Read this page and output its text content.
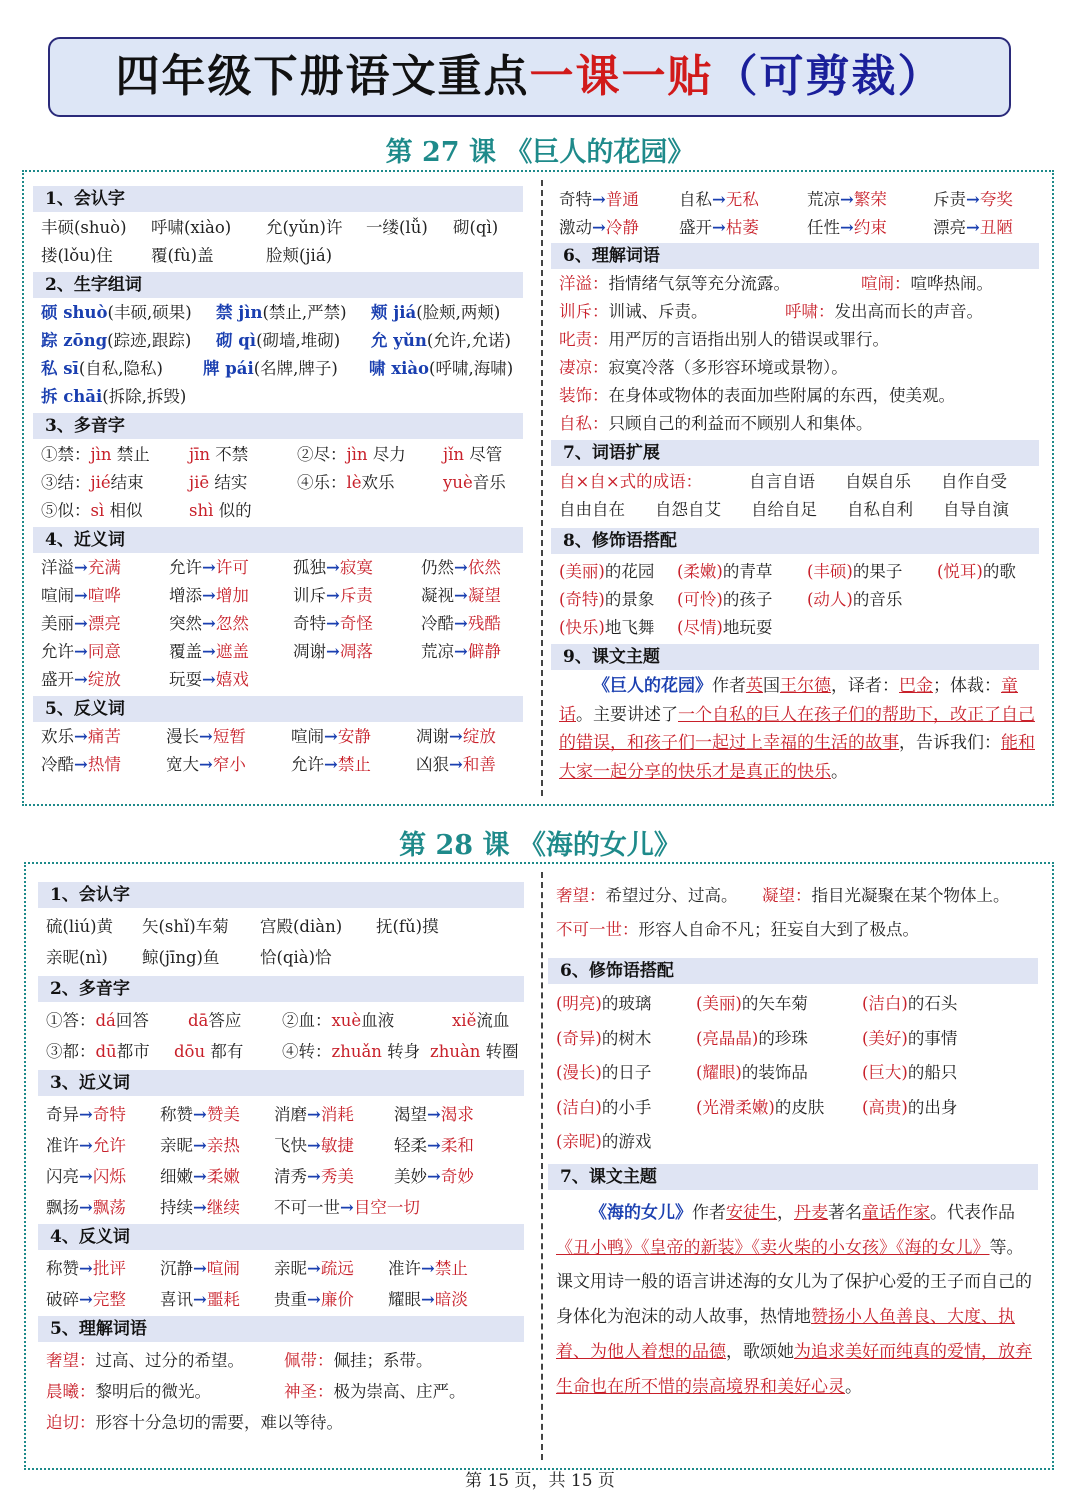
四年级下册语文重点一课一贴（可剪裁）
第 27 课 《巨人的花园》
1、会认字
丰硕(shuò) 呼啸(xiào) 允(yǔn)许 一缕(lǚ) 砌(qì)
搂(lǒu)住 覆(fù)盖	脸颊(jiá)
2、生字组词
硕 shuò(丰硕,硕果) 禁 jìn(禁止,严禁) 颊 jiá(脸颊,两颊)
踪 zōng(踪迹,跟踪) 砌 qì(砌墙,堆砌) 允 yǔn(允许,允诺)
私 sī(自私,隐私) 牌 pái(名牌,牌子) 啸 xiào(呼啸,海啸)
拆 chāi(拆除,拆毁)
3、多音字
①禁：jìn 禁止 jīn 不禁	②尽：jìn 尽力 jǐn 尽管
③结：jié结束	jiē 结实	④乐：lè欢乐	yuè音乐
⑤似：sì 相似	shì 似的
4、近义词
5、反义词
洋溢→充满	允许→许可	孤独→寂寞	仍然→依然
喧闹→喧哗	增添→增加	训斥→斥责	凝视→凝望
美丽→漂亮	突然→忽然	奇特→奇怪	冷酷→残酷
允许→同意	覆盖→遮盖	凋谢→凋落	荒凉→僻静
盛开→绽放	玩耍→嬉戏
欢乐→痛苦	漫长→短暂	喧闹→安静	凋谢→绽放
冷酷→热情	宽大→窄小	允许→禁止	凶狠→和善
6、理解词语
洋溢：指情绪气氛等充分流露。	喧闹：喧哗热闹。
训斥：训诫、斥责。	呼啸：发出高而长的声音。
叱责：用严厉的言语指出别人的错误或罪行。
凄凉：寂寞冷落（多形容环境或景物）。
装饰：在身体或物体的表面加些附属的东西，使美观。
自私：只顾自己的利益而不顾别人和集体。
7、词语扩展
自×自×式的成语：	自言自语 自娱自乐 自作自受
自由自在 自怨自艾 自给自足 自私自利 自导自演
8、修饰语搭配
(美丽)的花园 (柔嫩)的青草 (丰硕)的果子 (悦耳)的歌
(奇特)的景象 (可怜)的孩子 (动人)的音乐
(快乐)地飞舞 (尽情)地玩耍
9、课文主题
《巨人的花园》作者英国王尔德，译者：巴金；体裁：童话。主要讲述了一个自私的巨人在孩子们的帮助下，改正了自己的错误，和孩子们一起过上幸福的生活的故事，告诉我们：能和大家一起分享的快乐才是真正的快乐。
奇特→普通 自私→无私	荒凉→繁荣	斥责→夸奖
激动→冷静 盛开→枯萎	任性→约束	漂亮→丑陋
第 28 课 《海的女儿》
1、会认字
硫(liú)黄 矢(shǐ)车菊 宫殿(diàn) 抚(fǔ)摸
亲昵(nì) 鲸(jīng)鱼 恰(qià)恰
2、多音字
①答：dá回答 dā答应 ②血：xuè血液	xiě流血
③都：dū都市 dōu 都有 ④转：zhuǎn 转身 zhuàn 转圈
3、近义词
4、反义词
5、理解词语
奢望：过高、过分的希望。 佩带：佩挂；系带。
晨曦：黎明后的微光。	神圣：极为崇高、庄严。
迫切：形容十分急切的需要，难以等待。
奇异→奇特 称赞→赞美 消磨→消耗 渴望→渴求
准许→允许 亲昵→亲热 飞快→敏捷 轻柔→柔和
闪亮→闪烁 细嫩→柔嫩 清秀→秀美 美妙→奇妙
飘扬→飘荡 持续→继续 不可一世→目空一切
称赞→批评 沉静→喧闹 亲昵→疏远 准许→禁止
破碎→完整 喜讯→噩耗 贵重→廉价 耀眼→暗淡
奢望：希望过分、过高。 凝望：指目光凝聚在某个物体上。
不可一世：形容人自命不凡；狂妄自大到了极点。
6、修饰语搭配
7、课文主题
《海的女儿》作者安徒生，丹麦著名童话作家。代表作品《丑小鸭》《皇帝的新装》《卖火柴的小女孩》《海的女儿》等。课文用诗一般的语言讲述海的女儿为了保护心爱的王子而自己的身体化为泡沫的动人故事，热情地赞扬小人鱼善良、大度、执着、为他人着想的品德，歌颂她为追求美好而纯真的爱情，放弃生命也在所不惜的崇高境界和美好心灵。
(明亮)的玻璃	(美丽)的矢车菊	(洁白)的石头
(奇异)的树木	(亮晶晶)的珍珠	(美好)的事情
(漫长)的日子	(耀眼)的装饰品	(巨大)的船只
(洁白)的小手	(光滑柔嫩)的皮肤 (高贵)的出身
(亲昵)的游戏
第 15 页，共 15 页
